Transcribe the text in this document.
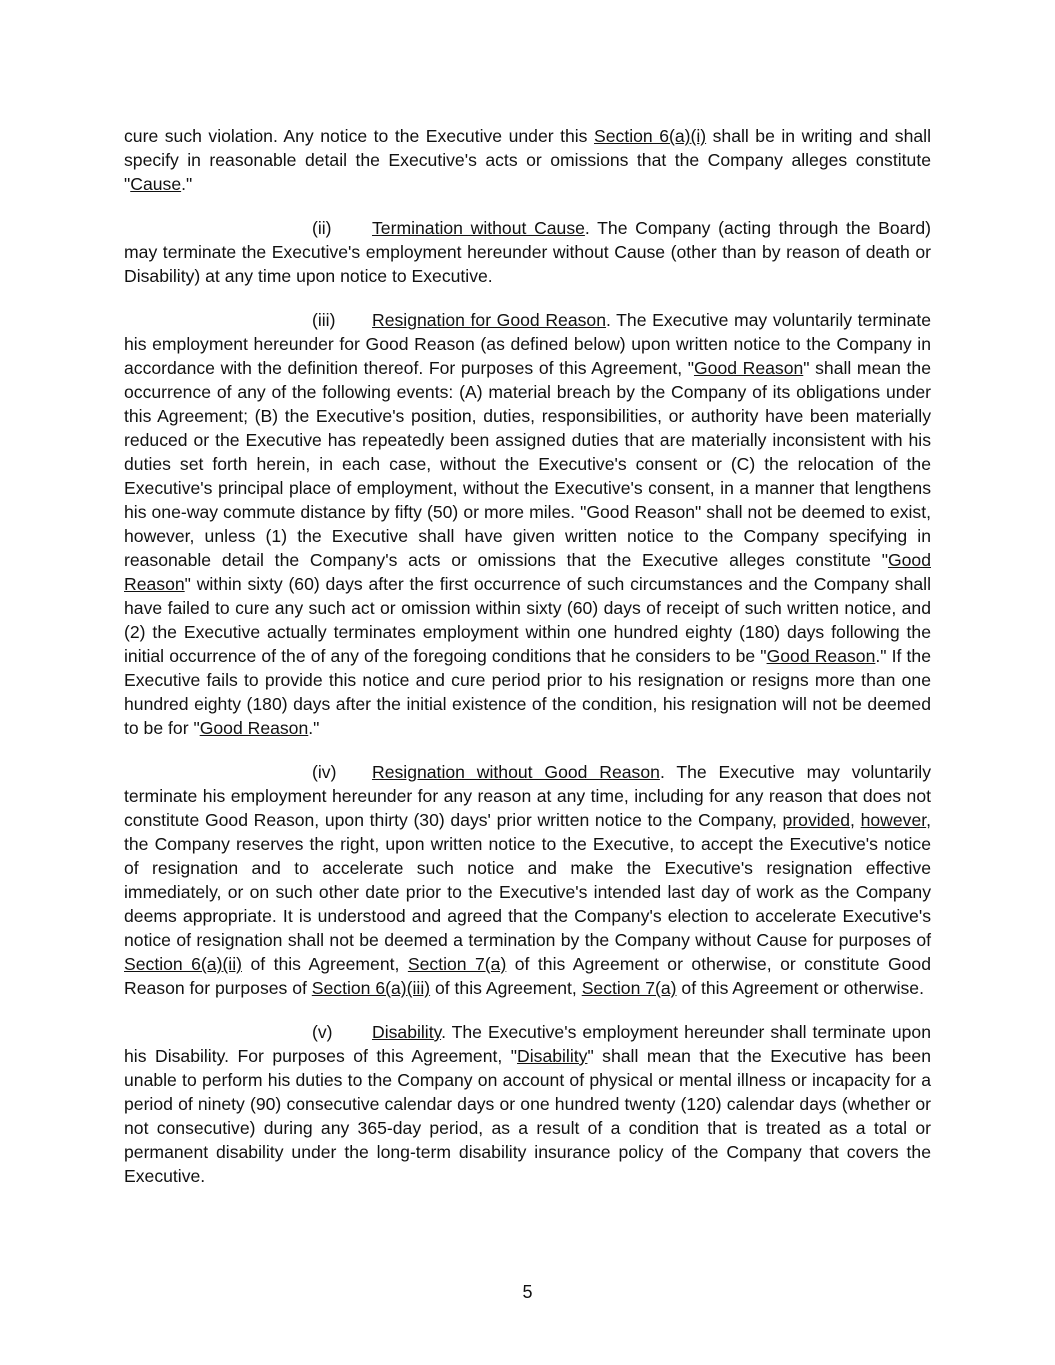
cure such violation. Any notice to the Executive under this Section 6(a)(i) shall be in writing and shall specify in reasonable detail the Executive's acts or omissions that the Company alleges constitute "Cause."

(ii) Termination without Cause. The Company (acting through the Board) may terminate the Executive's employment hereunder without Cause (other than by reason of death or Disability) at any time upon notice to Executive.

(iii) Resignation for Good Reason. The Executive may voluntarily terminate his employment hereunder for Good Reason (as defined below) upon written notice to the Company in accordance with the definition thereof. For purposes of this Agreement, "Good Reason" shall mean the occurrence of any of the following events: (A) material breach by the Company of its obligations under this Agreement; (B) the Executive's position, duties, responsibilities, or authority have been materially reduced or the Executive has repeatedly been assigned duties that are materially inconsistent with his duties set forth herein, in each case, without the Executive's consent or (C) the relocation of the Executive's principal place of employment, without the Executive's consent, in a manner that lengthens his one-way commute distance by fifty (50) or more miles. "Good Reason" shall not be deemed to exist, however, unless (1) the Executive shall have given written notice to the Company specifying in reasonable detail the Company's acts or omissions that the Executive alleges constitute "Good Reason" within sixty (60) days after the first occurrence of such circumstances and the Company shall have failed to cure any such act or omission within sixty (60) days of receipt of such written notice, and (2) the Executive actually terminates employment within one hundred eighty (180) days following the initial occurrence of the of any of the foregoing conditions that he considers to be "Good Reason." If the Executive fails to provide this notice and cure period prior to his resignation or resigns more than one hundred eighty (180) days after the initial existence of the condition, his resignation will not be deemed to be for "Good Reason."

(iv) Resignation without Good Reason. The Executive may voluntarily terminate his employment hereunder for any reason at any time, including for any reason that does not constitute Good Reason, upon thirty (30) days' prior written notice to the Company, provided, however, the Company reserves the right, upon written notice to the Executive, to accept the Executive's notice of resignation and to accelerate such notice and make the Executive's resignation effective immediately, or on such other date prior to the Executive's intended last day of work as the Company deems appropriate. It is understood and agreed that the Company's election to accelerate Executive's notice of resignation shall not be deemed a termination by the Company without Cause for purposes of Section 6(a)(ii) of this Agreement, Section 7(a) of this Agreement or otherwise, or constitute Good Reason for purposes of Section 6(a)(iii) of this Agreement, Section 7(a) of this Agreement or otherwise.

(v) Disability. The Executive's employment hereunder shall terminate upon his Disability. For purposes of this Agreement, "Disability" shall mean that the Executive has been unable to perform his duties to the Company on account of physical or mental illness or incapacity for a period of ninety (90) consecutive calendar days or one hundred twenty (120) calendar days (whether or not consecutive) during any 365-day period, as a result of a condition that is treated as a total or permanent disability under the long-term disability insurance policy of the Company that covers the Executive.

5
